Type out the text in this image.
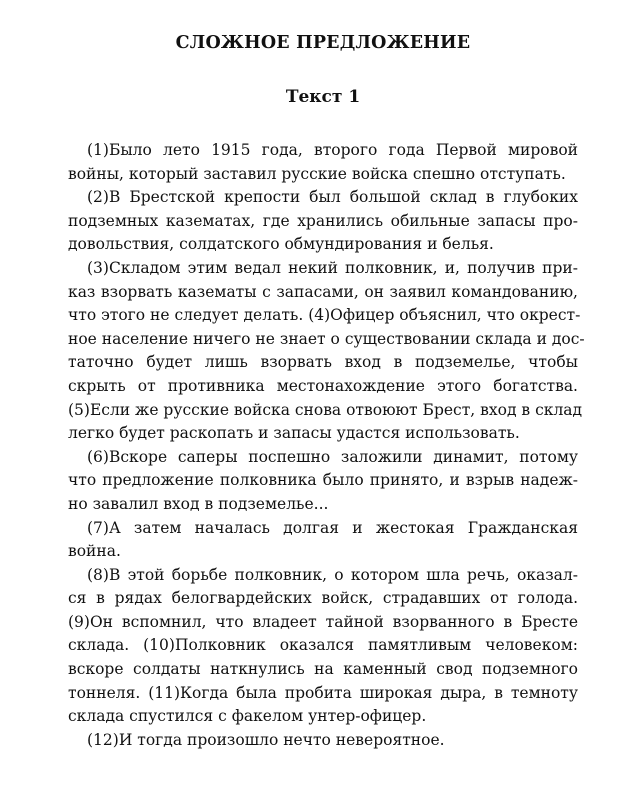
СЛОЖНОЕ ПРЕДЛОЖЕНИЕ
Текст 1
(1)Было лето 1915 года, второго года Первой мировой
войны, который заставил русские войска спешно отступать.
(2)В Брестской крепости был большой склад в глубоких
подземных казематах, где хранились обильные запасы про-
довольствия, солдатского обмундирования и белья.
(3)Складом этим ведал некий полковник, и, получив при-
каз взорвать казематы с запасами, он заявил командованию,
что этого не следует делать. (4)Офицер объяснил, что окрест-
ное население ничего не знает о существовании склада и дос-
таточно будет лишь взорвать вход в подземелье, чтобы
скрыть от противника местонахождение этого богатства.
(5)Если же русские войска снова отвоюют Брест, вход в склад
легко будет раскопать и запасы удастся использовать.
(6)Вскоре саперы поспешно заложили динамит, потому
что предложение полковника было принято, и взрыв надеж-
но завалил вход в подземелье...
(7)А затем началась долгая и жестокая Гражданская
война.
(8)В этой борьбе полковник, о котором шла речь, оказал-
ся в рядах белогвардейских войск, страдавших от голода.
(9)Он вспомнил, что владеет тайной взорванного в Бресте
склада. (10)Полковник оказался памятливым человеком:
вскоре солдаты наткнулись на каменный свод подземного
тоннеля. (11)Когда была пробита широкая дыра, в темноту
склада спустился с факелом унтер-офицер.
(12)И тогда произошло нечто невероятное.
